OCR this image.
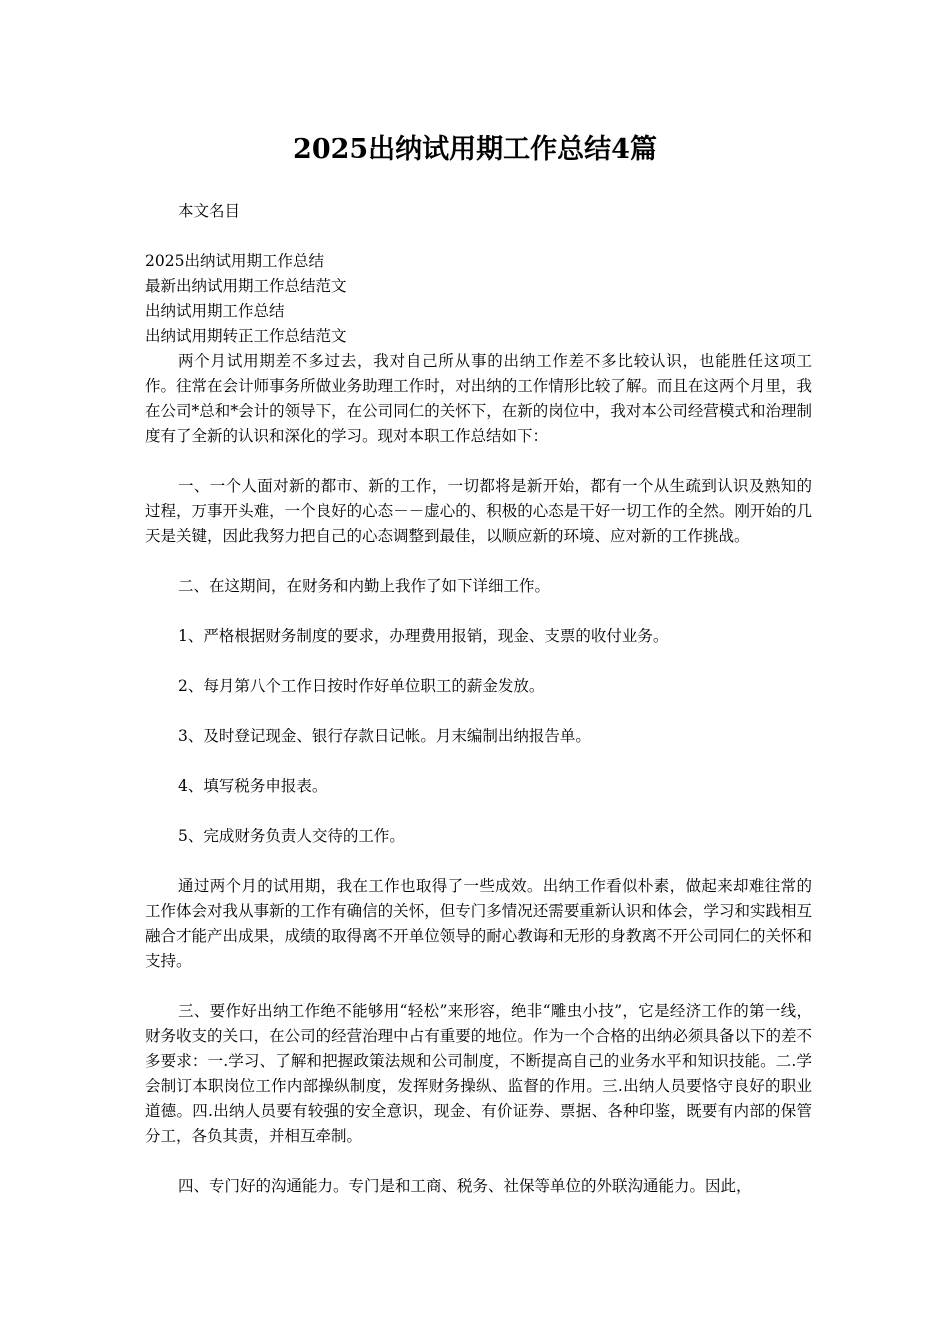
2025出纳试用期工作总结4篇

本文名目

2025出纳试用期工作总结

最新出纳试用期工作总结范文

出纳试用期工作总结

出纳试用期转正工作总结范文

两个月试用期差不多过去，我对自己所从事的出纳工作差不多比较认识，也能胜任这项工作。往常在会计师事务所做业务助理工作时，对出纳的工作情形比较了解。而且在这两个月里，我在公司*总和*会计的领导下，在公司同仁的关怀下，在新的岗位中，我对本公司经营模式和治理制度有了全新的认识和深化的学习。现对本职工作总结如下：

一、一个人面对新的都市、新的工作，一切都将是新开始，都有一个从生疏到认识及熟知的过程，万事开头难，一个良好的心态－－虚心的、积极的心态是干好一切工作的全然。刚开始的几天是关键，因此我努力把自己的心态调整到最佳，以顺应新的环境、应对新的工作挑战。

二、在这期间，在财务和内勤上我作了如下详细工作。

1、严格根据财务制度的要求，办理费用报销，现金、支票的收付业务。

2、每月第八个工作日按时作好单位职工的薪金发放。

3、及时登记现金、银行存款日记帐。月末编制出纳报告单。

4、填写税务申报表。

5、完成财务负责人交待的工作。

通过两个月的试用期，我在工作也取得了一些成效。出纳工作看似朴素，做起来却难往常的工作体会对我从事新的工作有确信的关怀，但专门多情况还需要重新认识和体会，学习和实践相互融合才能产出成果，成绩的取得离不开单位领导的耐心教诲和无形的身教离不开公司同仁的关怀和支持。

三、要作好出纳工作绝不能够用“轻松”来形容，绝非“雕虫小技”，它是经济工作的第一线，财务收支的关口，在公司的经营治理中占有重要的地位。作为一个合格的出纳必须具备以下的差不多要求：一.学习、了解和把握政策法规和公司制度，不断提高自己的业务水平和知识技能。二.学会制订本职岗位工作内部操纵制度，发挥财务操纵、监督的作用。三.出纳人员要恪守良好的职业道德。四.出纳人员要有较强的安全意识，现金、有价证券、票据、各种印鉴，既要有内部的保管分工，各负其责，并相互牵制。

四、专门好的沟通能力。专门是和工商、税务、社保等单位的外联沟通能力。因此，
